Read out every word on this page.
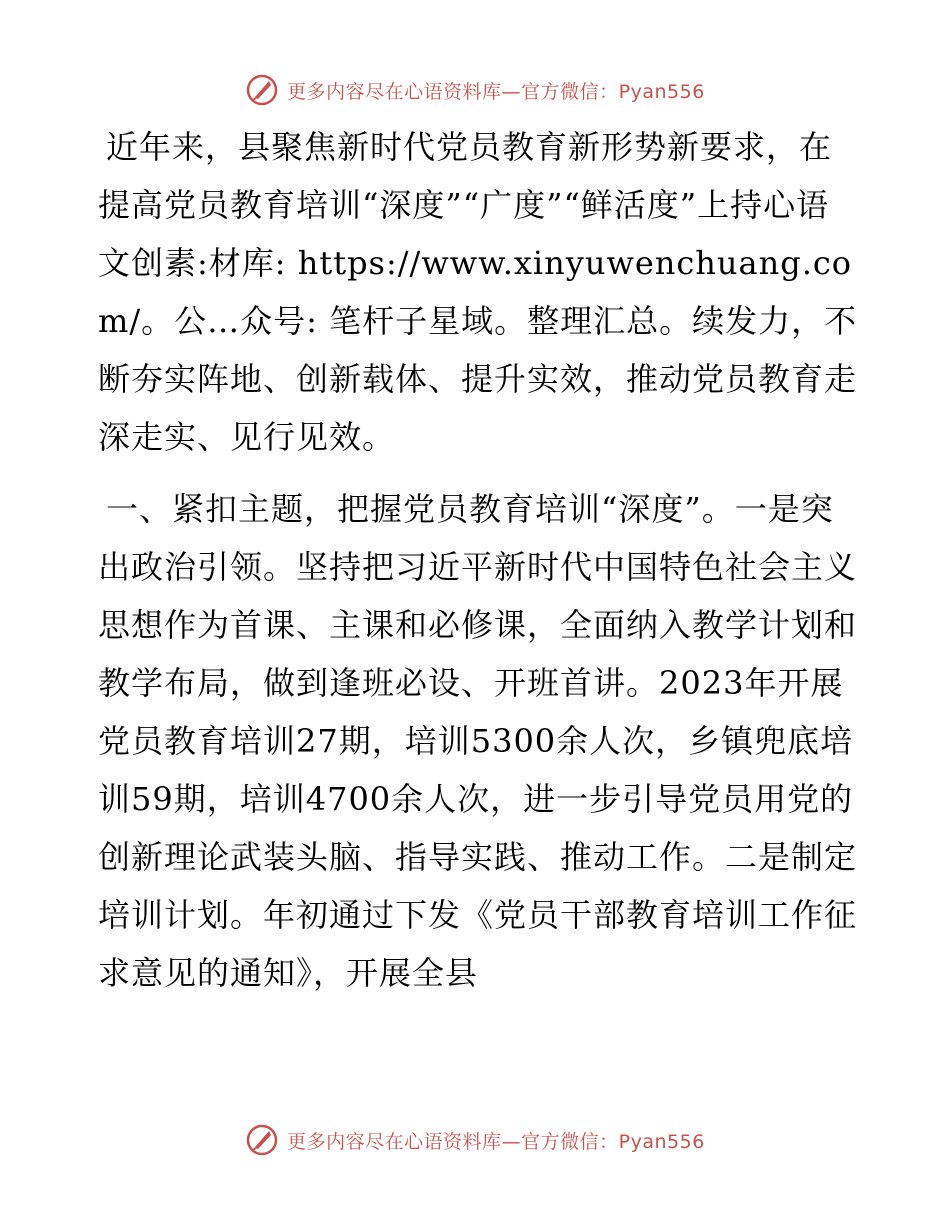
更多内容尽在心语资料库—官方微信：Pyan556

近年来，县聚焦新时代党员教育新形势新要求，在提高党员教育培训“深度”“广度”“鲜活度”上持心语文创素:材库: https://www.xinyuwenchuang.com/。公…众号: 笔杆子星域。整理汇总。续发力，不断夯实阵地、创新载体、提升实效，推动党员教育走深走实、见行见效。

一、紧扣主题，把握党员教育培训“深度”。一是突出政治引领。坚持把习近平新时代中国特色社会主义思想作为首课、主课和必修课，全面纳入教学计划和教学布局，做到逢班必设、开班首讲。2023年开展党员教育培训27期，培训5300余人次，乡镇兜底培训59期，培训4700余人次，进一步引导党员用党的创新理论武装头脑、指导实践、推动工作。二是制定培训计划。年初通过下发《党员干部教育培训工作征求意见的通知》，开展全县

更多内容尽在心语资料库—官方微信：Pyan556
